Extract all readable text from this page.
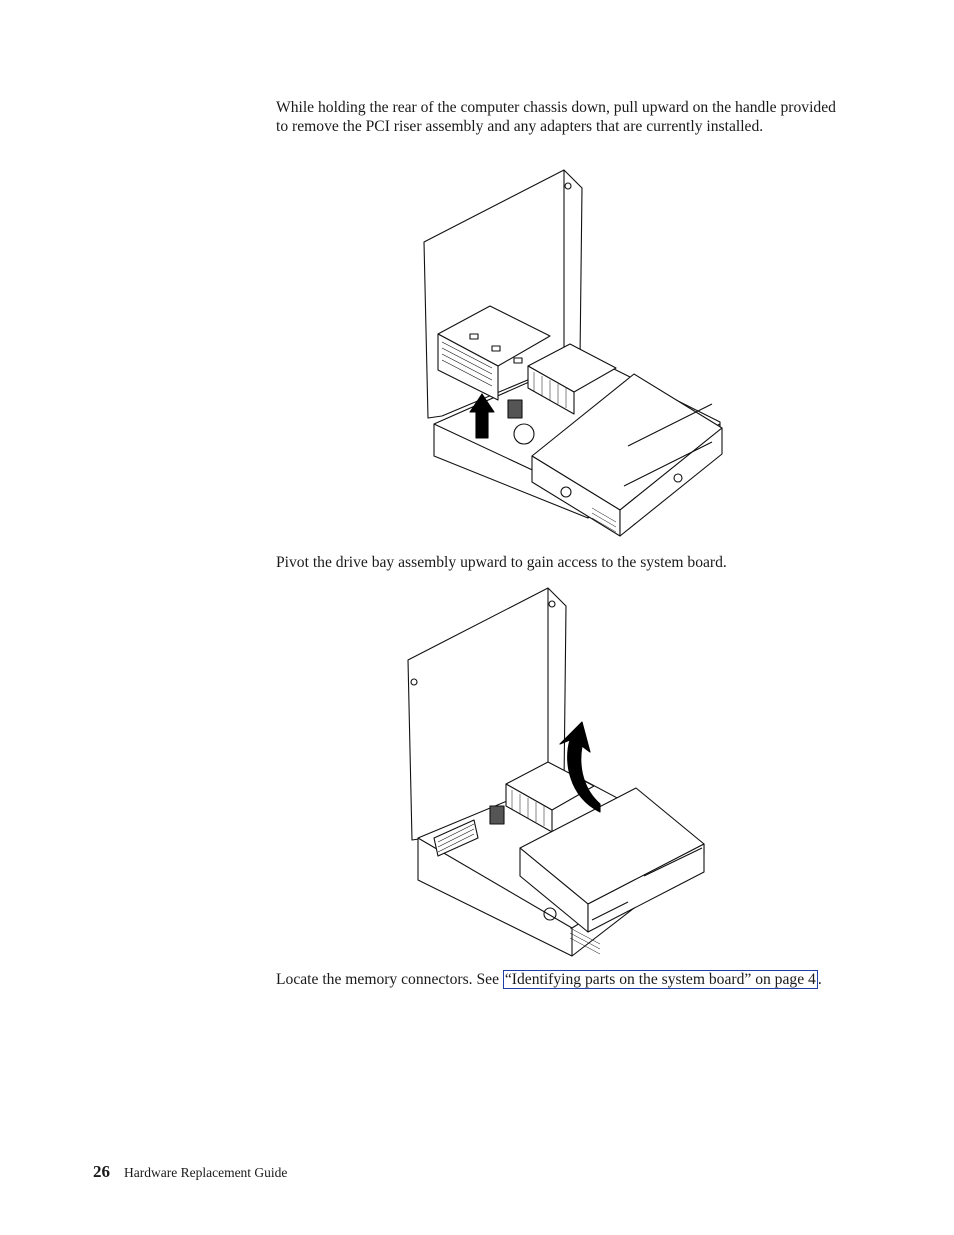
While holding the rear of the computer chassis down, pull upward on the handle provided to remove the PCI riser assembly and any adapters that are currently installed.

Pivot the drive bay assembly upward to gain access to the system board.

Locate the memory connectors. See “Identifying parts on the system board” on page 4 .

26 Hardware Replacement Guide
